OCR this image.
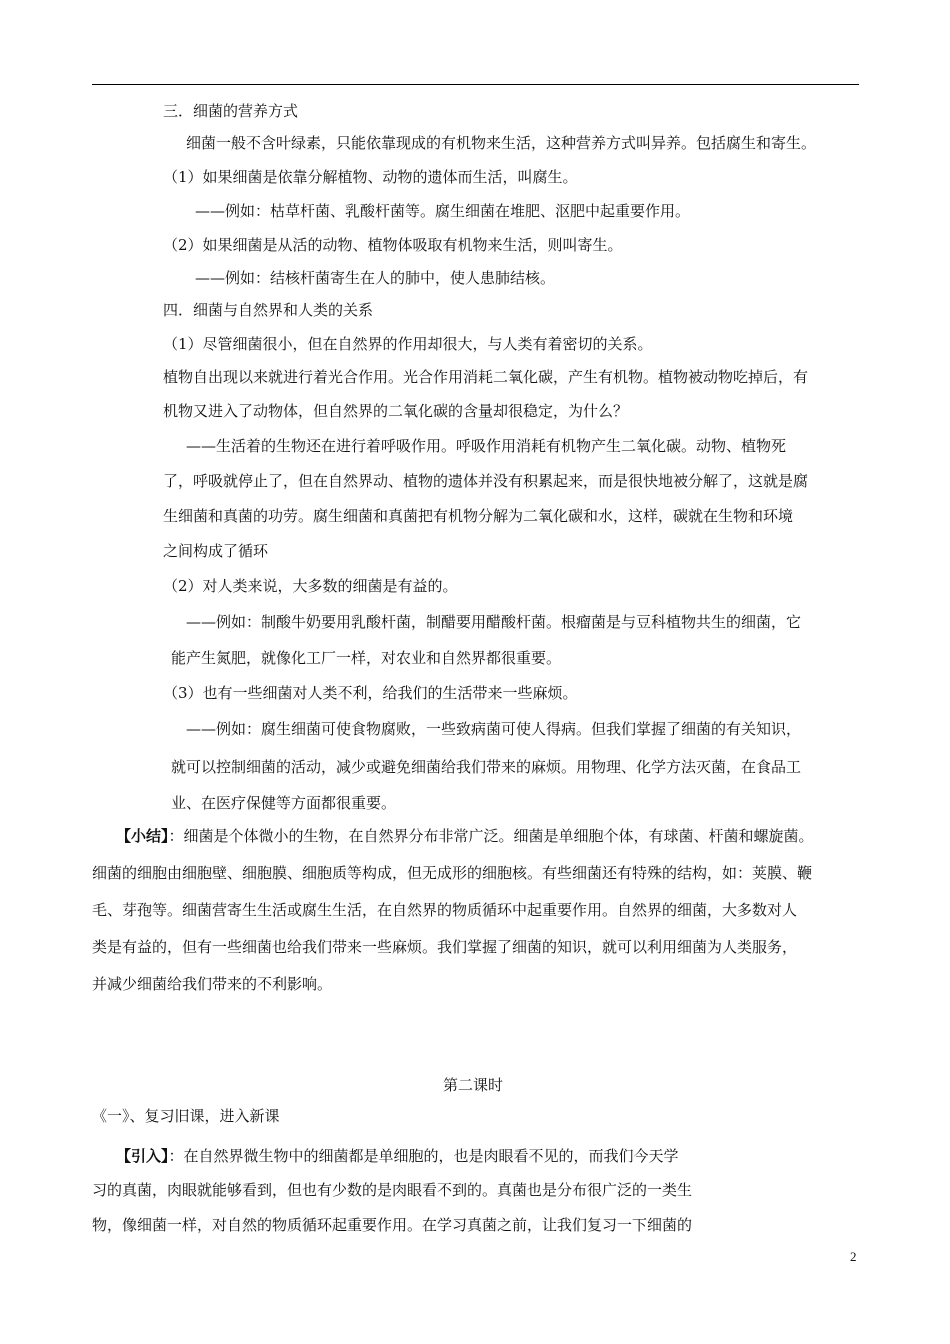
三．细菌的营养方式
细菌一般不含叶绿素，只能依靠现成的有机物来生活，这种营养方式叫异养。包括腐生和寄生。
（1）如果细菌是依靠分解植物、动物的遗体而生活，叫腐生。
——例如：枯草杆菌、乳酸杆菌等。腐生细菌在堆肥、沤肥中起重要作用。
（2）如果细菌是从活的动物、植物体吸取有机物来生活，则叫寄生。
——例如：结核杆菌寄生在人的肺中，使人患肺结核。
四．细菌与自然界和人类的关系
（1）尽管细菌很小，但在自然界的作用却很大，与人类有着密切的关系。
植物自出现以来就进行着光合作用。光合作用消耗二氧化碳，产生有机物。植物被动物吃掉后，有
机物又进入了动物体，但自然界的二氧化碳的含量却很稳定，为什么？
——生活着的生物还在进行着呼吸作用。呼吸作用消耗有机物产生二氧化碳。动物、植物死
了，呼吸就停止了，但在自然界动、植物的遗体并没有积累起来，而是很快地被分解了，这就是腐
生细菌和真菌的功劳。腐生细菌和真菌把有机物分解为二氧化碳和水，这样，碳就在生物和环境
之间构成了循环
（2）对人类来说，大多数的细菌是有益的。
——例如：制酸牛奶要用乳酸杆菌，制醋要用醋酸杆菌。根瘤菌是与豆科植物共生的细菌，它
能产生氮肥，就像化工厂一样，对农业和自然界都很重要。
（3）也有一些细菌对人类不利，给我们的生活带来一些麻烦。
——例如：腐生细菌可使食物腐败，一些致病菌可使人得病。但我们掌握了细菌的有关知识，
就可以控制细菌的活动，减少或避免细菌给我们带来的麻烦。用物理、化学方法灭菌，在食品工
业、在医疗保健等方面都很重要。
【小结】：细菌是个体微小的生物，在自然界分布非常广泛。细菌是单细胞个体，有球菌、杆菌和螺旋菌。
细菌的细胞由细胞壁、细胞膜、细胞质等构成，但无成形的细胞核。有些细菌还有特殊的结构，如：荚膜、鞭
毛、芽孢等。细菌营寄生生活或腐生生活，在自然界的物质循环中起重要作用。自然界的细菌，大多数对人
类是有益的，但有一些细菌也给我们带来一些麻烦。我们掌握了细菌的知识，就可以利用细菌为人类服务，
并减少细菌给我们带来的不利影响。
第二课时
《一》、复习旧课，进入新课
【引入】：在自然界微生物中的细菌都是单细胞的，也是肉眼看不见的，而我们今天学
习的真菌，肉眼就能够看到，但也有少数的是肉眼看不到的。真菌也是分布很广泛的一类生
物，像细菌一样，对自然的物质循环起重要作用。在学习真菌之前，让我们复习一下细菌的
2
